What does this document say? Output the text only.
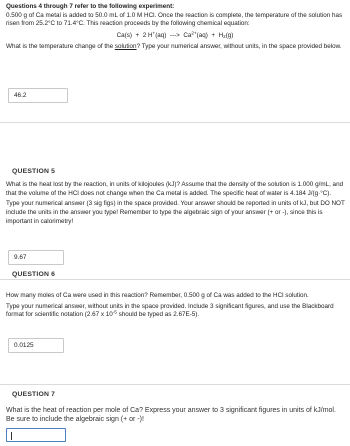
Questions 4 through 7 refer to the following experiment:

0.500 g of Ca metal is added to 50.0 mL of 1.0 M HCl. Once the reaction is complete, the temperature of the solution has risen from 25.2°C to 71.4°C. This reaction proceeds by the following chemical equation:

Ca(s) + 2 H+(aq) ---> $Ca^{2+}(aq) + H_2(g)$

What is the temperature change of the solution? Type your numerical answer, without units, in the space provided below.

46.2
QUESTION 5

What is the heat lost by the reaction, in units of kilojoules (kJ)? Assume that the density of the solution is 1.000 g/mL, and that the volume of the HCl does not change when the Ca metal is added. The specific heat of water is 4.184 J/(g·°C).

Type your numerical answer (3 sig figs) in the space provided. Your answer should be reported in units of kJ, but DO NOT include the units in the answer you type! Remember to type the algebraic sign of your answer (+ or -), since this is important in calorimetry!

9.67
QUESTION 6

How many moles of Ca were used in this reaction? Remember, 0.500 g of Ca was added to the HCl solution.

Type your numerical answer, without units in the space provided. Include 3 significant figures, and use the Blackboard format for scientific notation (2.67 x $10^{-5}$ should be typed as 2.67E-5).

0.0125
QUESTION 7

What is the heat of reaction per mole of Ca? Express your answer to 3 significant figures in units of kJ/mol. Be sure to include the algebraic sign (+ or -)!
